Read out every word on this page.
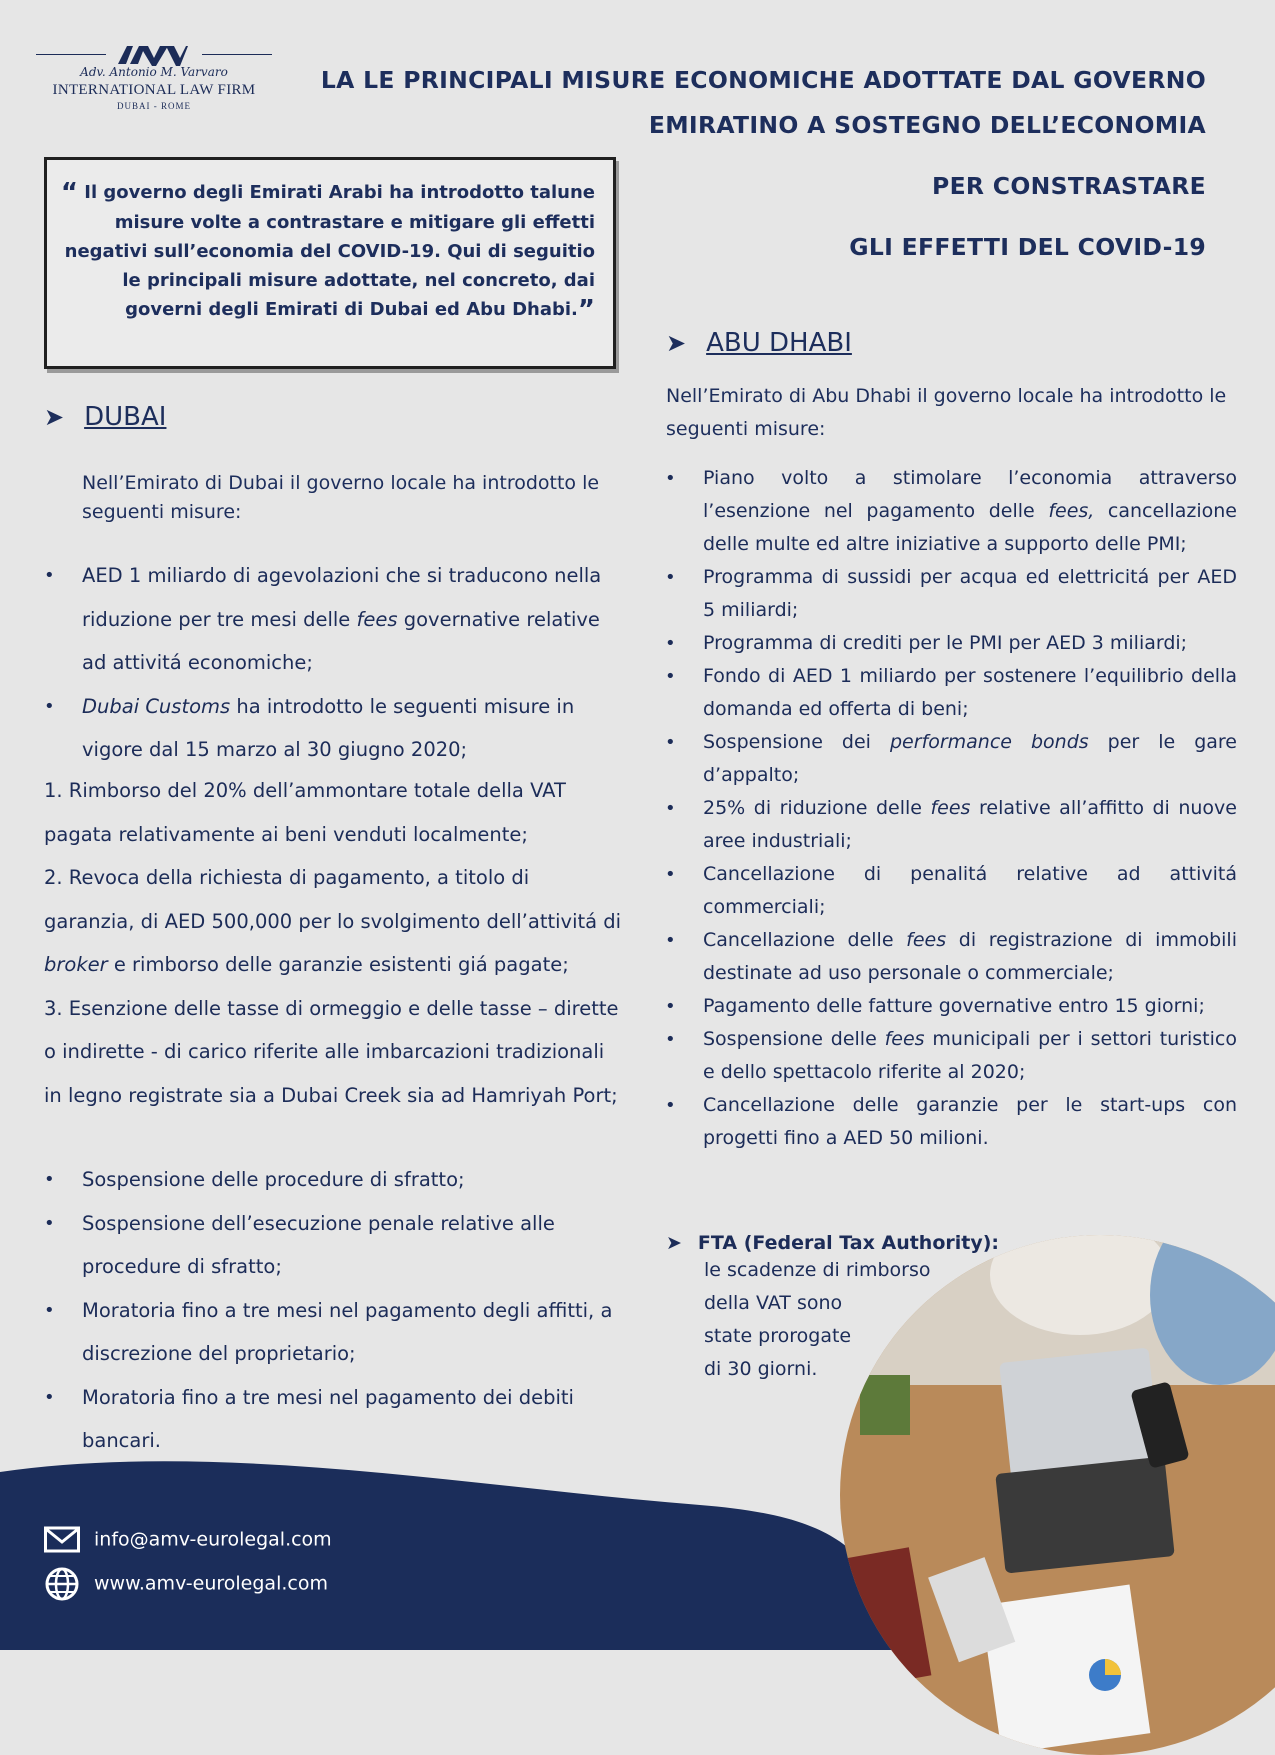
Adv. Antonio M. Varvaro
INTERNATIONAL LAW FIRM
DUBAI - ROME
LA LE PRINCIPALI MISURE ECONOMICHE ADOTTATE DAL GOVERNO
EMIRATINO A SOSTEGNO DELL’ECONOMIA
PER CONSTRASTARE
GLI EFFETTI DEL COVID-19
“ Il governo degli Emirati Arabi ha introdotto talune misure volte a contrastare e mitigare gli effetti negativi sull’economia del COVID-19. Qui di seguitio le principali misure adottate, nel concreto, dai governi degli Emirati di Dubai ed Abu Dhabi.”
➤ DUBAI
Nell’Emirato di Dubai il governo locale ha introdotto le seguenti misure:
• AED 1 miliardo di agevolazioni che si traducono nella riduzione per tre mesi delle fees governative relative ad attivitá economiche;
• Dubai Customs ha introdotto le seguenti misure in vigore dal 15 marzo al 30 giugno 2020;
1. Rimborso del 20% dell’ammontare totale della VAT pagata relativamente ai beni venduti localmente;
2. Revoca della richiesta di pagamento, a titolo di garanzia, di AED 500,000 per lo svolgimento dell’attivitá di broker e rimborso delle garanzie esistenti giá pagate;
3. Esenzione delle tasse di ormeggio e delle tasse – dirette o indirette - di carico riferite alle imbarcazioni tradizionali in legno registrate sia a Dubai Creek sia ad Hamriyah Port;
• Sospensione delle procedure di sfratto;
• Sospensione dell’esecuzione penale relative alle procedure di sfratto;
• Moratoria fino a tre mesi nel pagamento degli affitti, a discrezione del proprietario;
• Moratoria fino a tre mesi nel pagamento dei debiti bancari.
➤ ABU DHABI
Nell’Emirato di Abu Dhabi il governo locale ha introdotto le seguenti misure:
• Piano volto a stimolare l’economia attraverso l’esenzione nel pagamento delle fees, cancellazione delle multe ed altre iniziative a supporto delle PMI;
• Programma di sussidi per acqua ed elettricitá per AED 5 miliardi;
• Programma di crediti per le PMI per AED 3 miliardi;
• Fondo di AED 1 miliardo per sostenere l’equilibrio della domanda ed offerta di beni;
• Sospensione dei performance bonds per le gare d’appalto;
• 25% di riduzione delle fees relative all’affitto di nuove aree industriali;
• Cancellazione di penalitá relative ad attivitá commerciali;
• Cancellazione delle fees di registrazione di immobili destinate ad uso personale o commerciale;
• Pagamento delle fatture governative entro 15 giorni;
• Sospensione delle fees municipali per i settori turistico e dello spettacolo riferite al 2020;
• Cancellazione delle garanzie per le start-ups con progetti fino a AED 50 milioni.
➤ FTA (Federal Tax Authority):
le scadenze di rimborso
della VAT sono
state prorogate
di 30 giorni.
info@amv-eurolegal.com
www.amv-eurolegal.com
